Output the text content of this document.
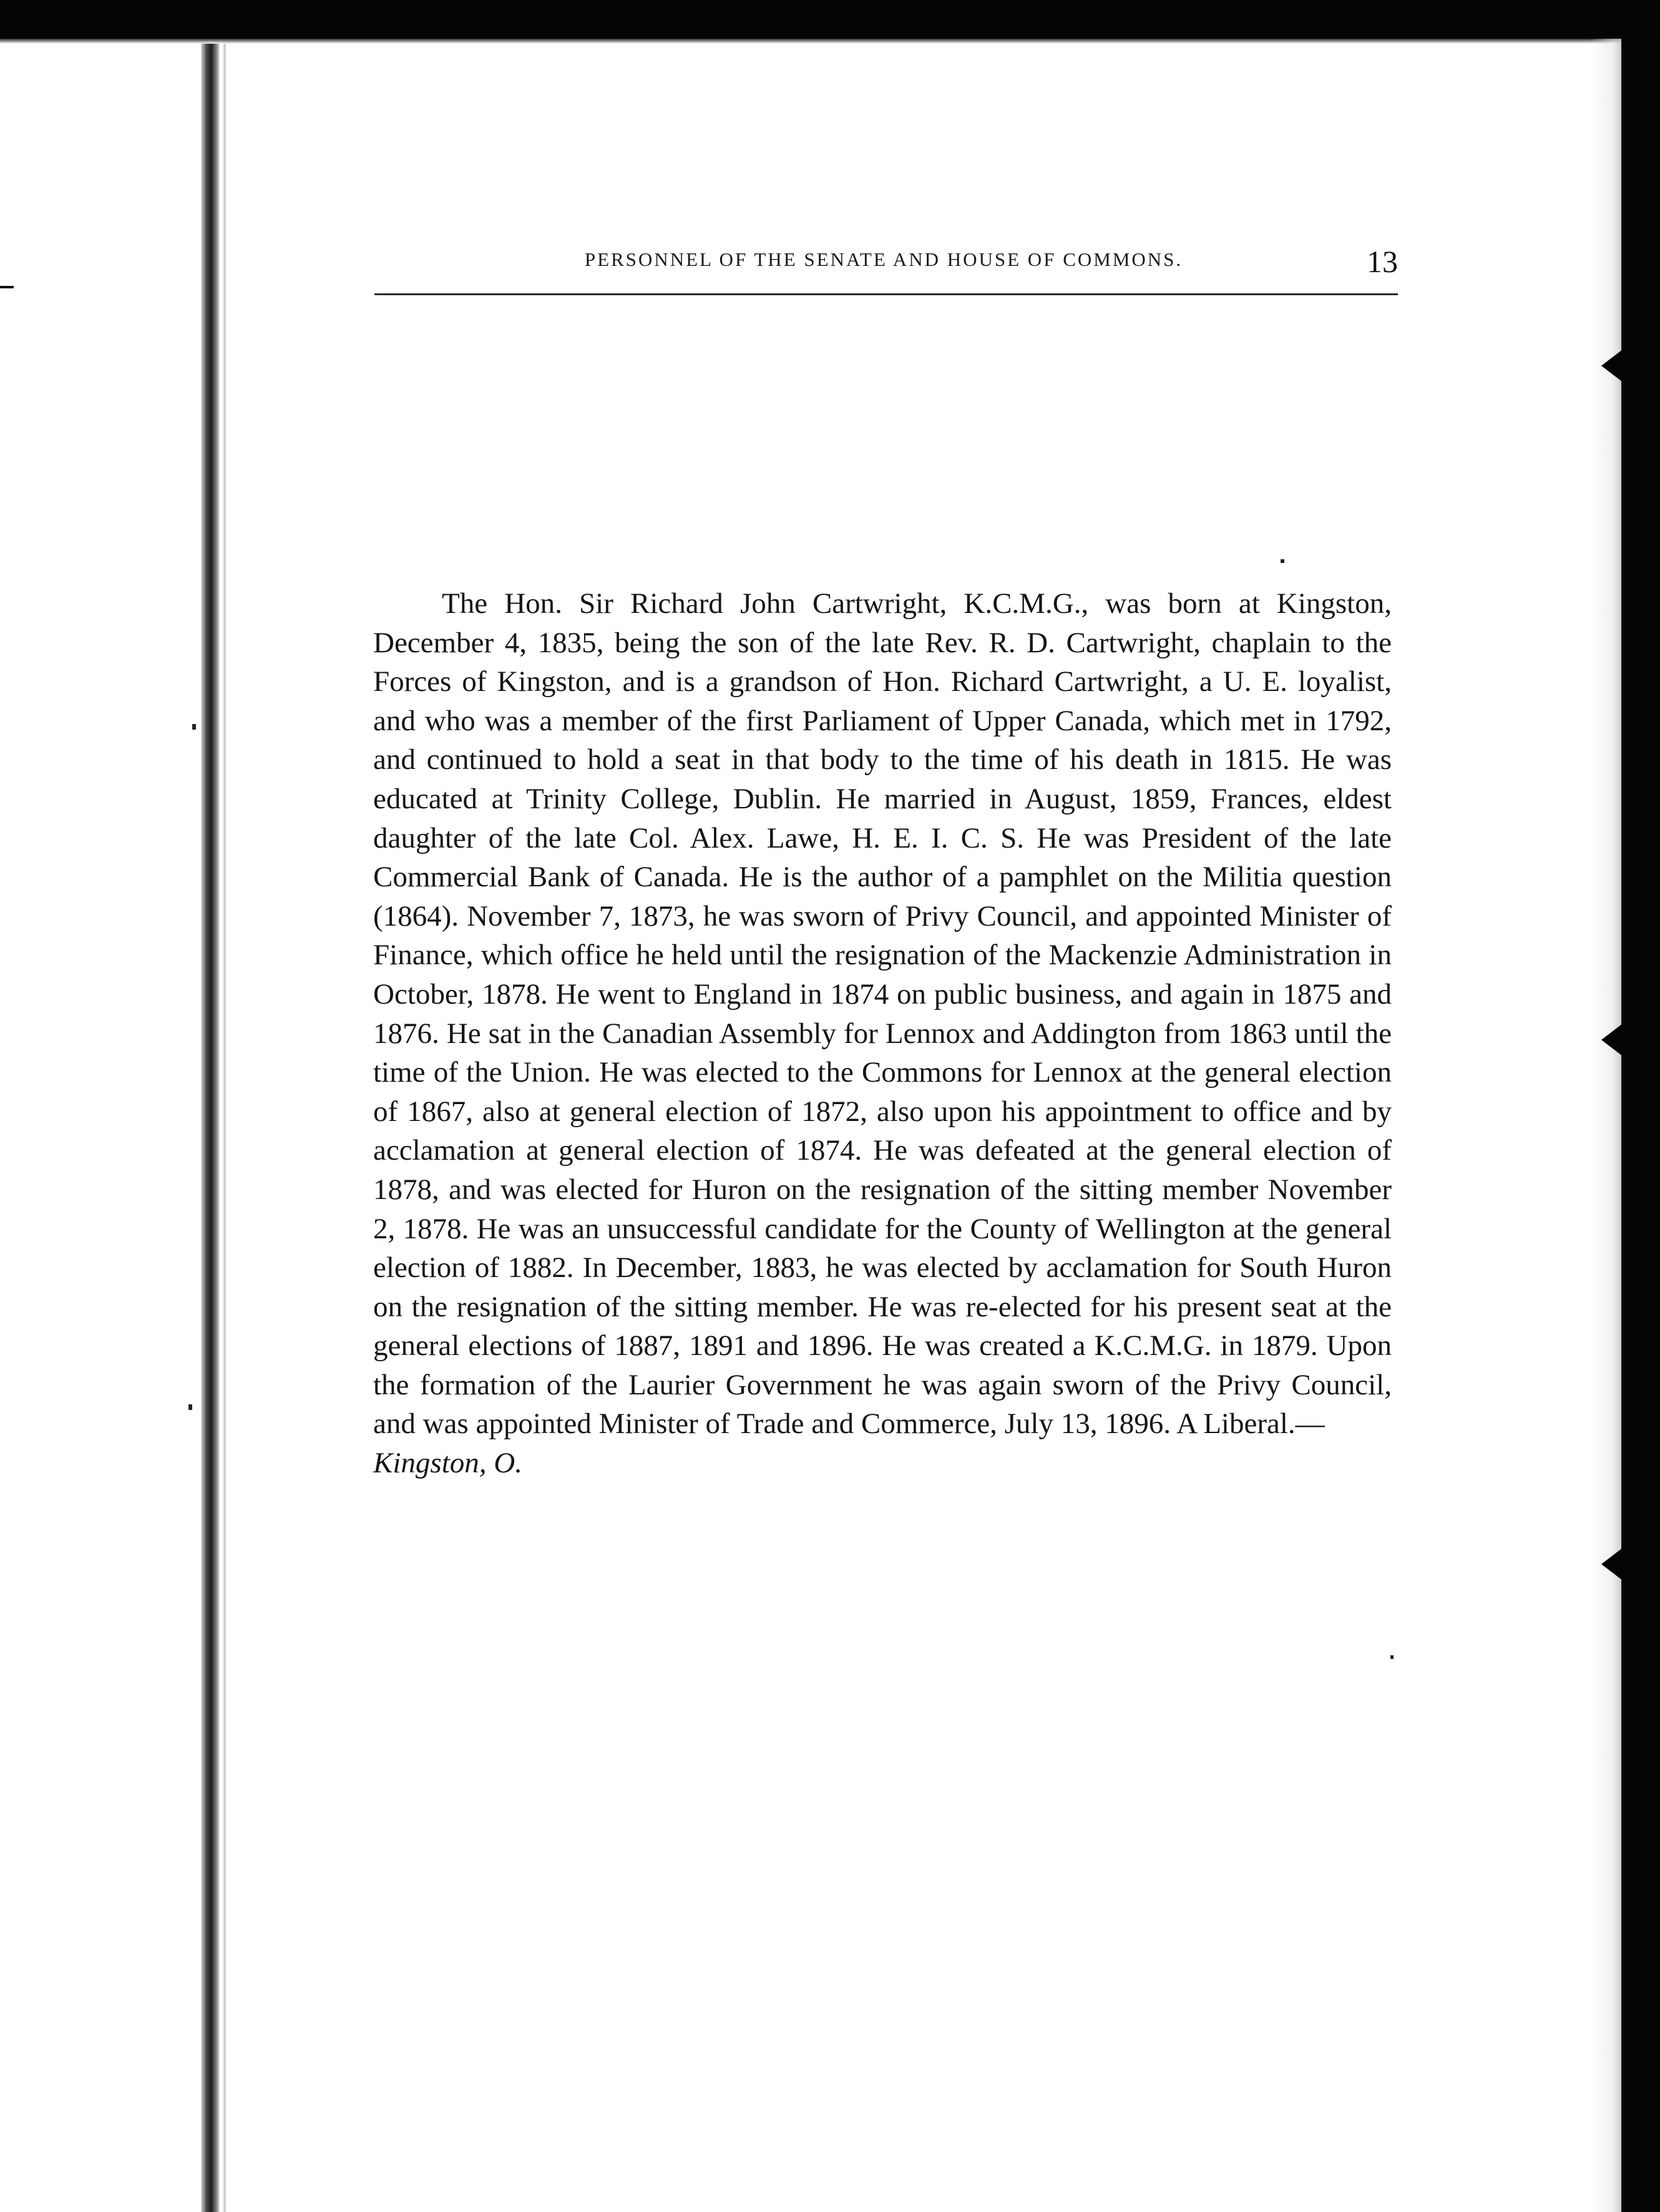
PERSONNEL OF THE SENATE AND HOUSE OF COMMONS.	13

The Hon. Sir Richard John Cartwright, K.C.M.G., was born at Kingston, December 4, 1835, being the son of the late Rev. R. D. Cartwright, chaplain to the Forces of Kingston, and is a grandson of Hon. Richard Cartwright, a U. E. loyalist, and who was a member of the first Parliament of Upper Canada, which met in 1792, and continued to hold a seat in that body to the time of his death in 1815. He was educated at Trinity College, Dublin. He married in August, 1859, Frances, eldest daughter of the late Col. Alex. Lawe, H. E. I. C. S. He was President of the late Commercial Bank of Canada. He is the author of a pamphlet on the Militia question (1864). November 7, 1873, he was sworn of Privy Council, and appointed Minister of Finance, which office he held until the resignation of the Mackenzie Administration in October, 1878. He went to England in 1874 on public business, and again in 1875 and 1876. He sat in the Canadian Assembly for Lennox and Addington from 1863 until the time of the Union. He was elected to the Commons for Lennox at the general election of 1867, also at general election of 1872, also upon his appointment to office and by acclamation at general election of 1874. He was defeated at the general election of 1878, and was elected for Huron on the resignation of the sitting member November 2, 1878. He was an unsuccessful candidate for the County of Wellington at the general election of 1882. In December, 1883, he was elected by acclamation for South Huron on the resignation of the sitting member. He was re-elected for his present seat at the general elections of 1887, 1891 and 1896. He was created a K.C.M.G. in 1879. Upon the formation of the Laurier Government he was again sworn of the Privy Council, and was appointed Minister of Trade and Commerce, July 13, 1896. A Liberal.—
Kingston, O.
